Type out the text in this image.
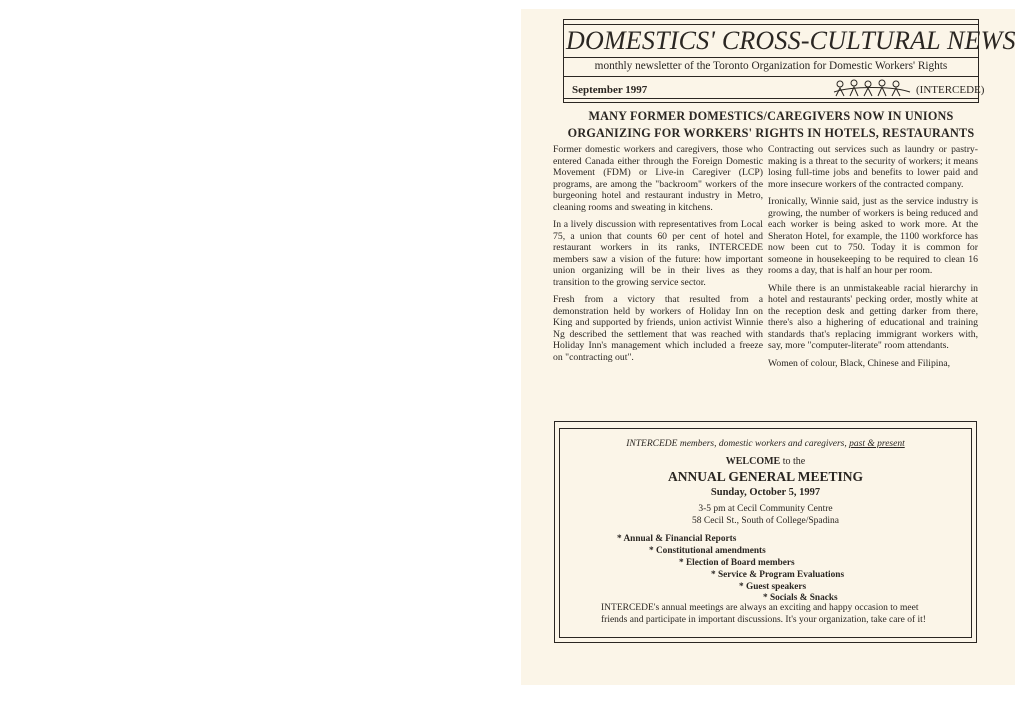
DOMESTICS' CROSS-CULTURAL NEWS
monthly newsletter of the Toronto Organization for Domestic Workers' Rights
September 1997	(INTERCEDE)
MANY FORMER DOMESTICS/CAREGIVERS NOW IN UNIONS
ORGANIZING FOR WORKERS' RIGHTS IN HOTELS, RESTAURANTS

Former domestic workers and caregivers, those who entered Canada either through the Foreign Domestic Movement (FDM) or Live-in Caregiver (LCP) programs, are among the "backroom" workers of the burgeoning hotel and restaurant industry in Metro, cleaning rooms and sweating in kitchens.

In a lively discussion with representatives from Local 75, a union that counts 60 per cent of hotel and restaurant workers in its ranks, INTERCEDE members saw a vision of the future: how important union organizing will be in their lives as they transition to the growing service sector.

Fresh from a victory that resulted from a demonstration held by workers of Holiday Inn on King and supported by friends, union activist Winnie Ng described the settlement that was reached with Holiday Inn's management which included a freeze on "contracting out".

Contracting out services such as laundry or pastry-making is a threat to the security of workers; it means losing full-time jobs and benefits to lower paid and more insecure workers of the contracted company.

Ironically, Winnie said, just as the service industry is growing, the number of workers is being reduced and each worker is being asked to work more. At the Sheraton Hotel, for example, the 1100 workforce has now been cut to 750. Today it is common for someone in housekeeping to be required to clean 16 rooms a day, that is half an hour per room.

While there is an unmistakeable racial hierarchy in hotel and restaurants' pecking order, mostly white at the reception desk and getting darker from there, there's also a highering of educational and training standards that's replacing immigrant workers with, say, more "computer-literate" room attendants.

Women of colour, Black, Chinese and Filipina,

INTERCEDE members, domestic workers and caregivers, past & present
WELCOME to the
ANNUAL GENERAL MEETING
Sunday, October 5, 1997
3-5 pm at Cecil Community Centre
58 Cecil St., South of College/Spadina
* Annual & Financial Reports
* Constitutional amendments
* Election of Board members
* Service & Program Evaluations
* Guest speakers
* Socials & Snacks
INTERCEDE's annual meetings are always an exciting and happy occasion to meet friends and participate in important discussions. It's your organization, take care of it!
